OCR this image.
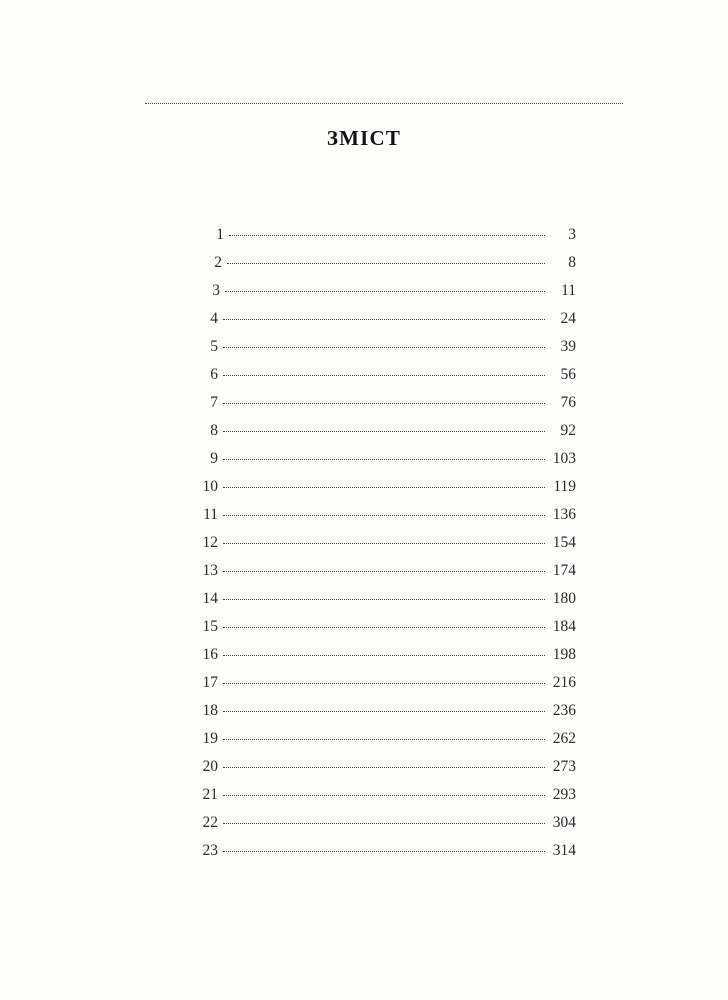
ЗМІСТ
1	3
2	8
3	11
4	24
5	39
6	56
7	76
8	92
9	103
10	119
11	136
12	154
13	174
14	180
15	184
16	198
17	216
18	236
19	262
20	273
21	293
22	304
23	314
